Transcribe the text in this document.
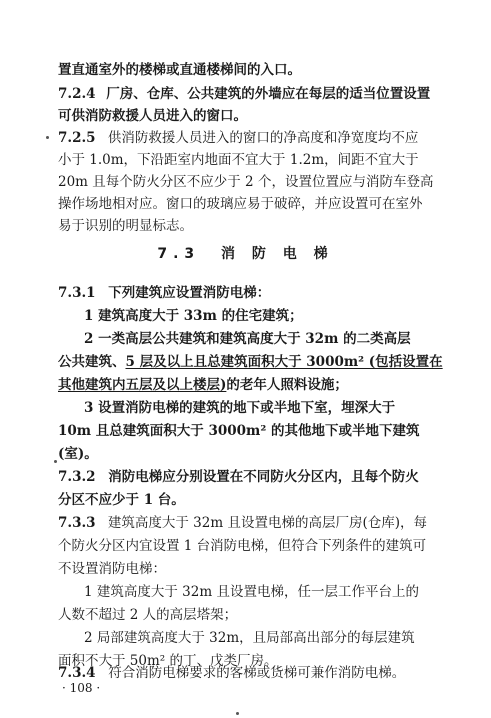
置直通室外的楼梯或直通楼梯间的入口。
7.2.4 厂房、仓库、公共建筑的外墙应在每层的适当位置设置
可供消防救援人员进入的窗口。
7.2.5 供消防救援人员进入的窗口的净高度和净宽度均不应
小于 1.0m，下沿距室内地面不宜大于 1.2m，间距不宜大于
20m 且每个防火分区不应少于 2 个，设置位置应与消防车登高
操作场地相对应。窗口的玻璃应易于破碎，并应设置可在室外
易于识别的明显标志。
7.3 消 防 电 梯
7.3.1 下列建筑应设置消防电梯：
1 建筑高度大于 33m 的住宅建筑；
2 一类高层公共建筑和建筑高度大于 32m 的二类高层
公共建筑、5 层及以上且总建筑面积大于 3000m² (包括设置在
其他建筑内五层及以上楼层)的老年人照料设施；
3 设置消防电梯的建筑的地下或半地下室，埋深大于
10m 且总建筑面积大于 3000m² 的其他地下或半地下建筑
(室)。
7.3.2 消防电梯应分别设置在不同防火分区内，且每个防火
分区不应少于 1 台。
7.3.3 建筑高度大于 32m 且设置电梯的高层厂房(仓库)，每
个防火分区内宜设置 1 台消防电梯，但符合下列条件的建筑可
不设置消防电梯：
1 建筑高度大于 32m 且设置电梯，任一层工作平台上的
人数不超过 2 人的高层塔架；
2 局部建筑高度大于 32m，且局部高出部分的每层建筑
面积不大于 50m² 的丁、戊类厂房。
7.3.4 符合消防电梯要求的客梯或货梯可兼作消防电梯。
· 108 ·
